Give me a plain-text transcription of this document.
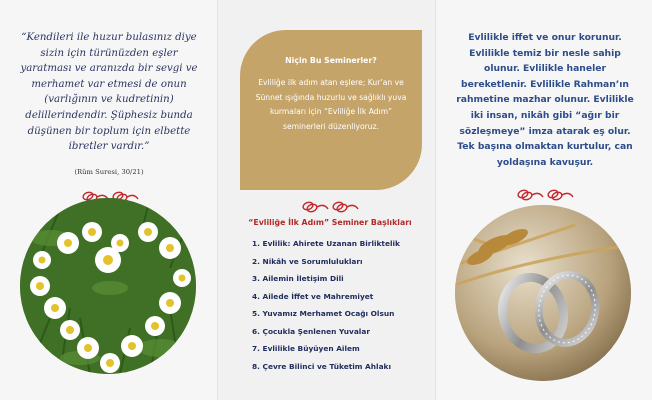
“Kendileri ile huzur bulasınız diye sizin için türünüzden eşler yaratması ve aranızda bir sevgi ve merhamet var etmesi de onun (varlığının ve kudretinin) delillerindendir. Şüphesiz bunda düşünen bir toplum için elbette ibretler vardır.”
(Rûm Suresi, 30/21)
Niçin Bu Seminerler?
Evliliğe ilk adım atan eşlere; Kur’an ve Sünnet ışığında huzurlu ve sağlıklı yuva kurmaları için “Evliliğe İlk Adım” seminerleri düzenliyoruz.
“Evliliğe İlk Adım” Seminer Başlıkları
1. Evlilik: Ahirete Uzanan Birliktelik
2. Nikâh ve Sorumlulukları
3. Ailemin İletişim Dili
4. Ailede İffet ve Mahremiyet
5. Yuvamız Merhamet Ocağı Olsun
6. Çocukla Şenlenen Yuvalar
7. Evlilikle Büyüyen Ailem
8. Çevre Bilinci ve Tüketim Ahlakı
Evlilikle iffet ve onur korunur. Evlilikle temiz bir nesle sahip olunur. Evlilikle haneler bereketlenir. Evlilikle Rahman’ın rahmetine mazhar olunur. Evlilikle iki insan, nikâh gibi “ağır bir sözleşmeye” imza atarak eş olur. Tek başına olmaktan kurtulur, can yoldaşına kavuşur.
